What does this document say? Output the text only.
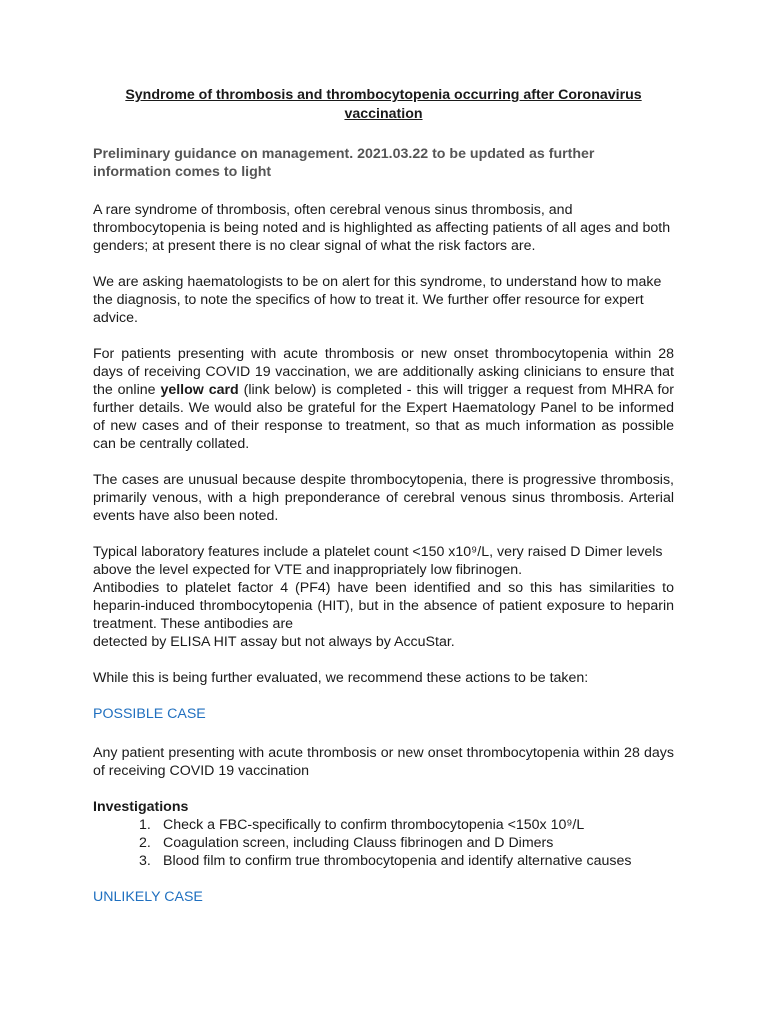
Syndrome of thrombosis and thrombocytopenia occurring after Coronavirus vaccination
Preliminary guidance on management. 2021.03.22 to be updated as further information comes to light

A rare syndrome of thrombosis, often cerebral venous sinus thrombosis, and thrombocytopenia is being noted and is highlighted as affecting patients of all ages and both genders; at present there is no clear signal of what the risk factors are.

We are asking haematologists to be on alert for this syndrome, to understand how to make the diagnosis, to note the specifics of how to treat it. We further offer resource for expert advice.

For patients presenting with acute thrombosis or new onset thrombocytopenia within 28 days of receiving COVID 19 vaccination, we are additionally asking clinicians to ensure that the online yellow card (link below) is completed - this will trigger a request from MHRA for further details. We would also be grateful for the Expert Haematology Panel to be informed of new cases and of their response to treatment, so that as much information as possible can be centrally collated.

The cases are unusual because despite thrombocytopenia, there is progressive thrombosis, primarily venous, with a high preponderance of cerebral venous sinus thrombosis. Arterial events have also been noted.

Typical laboratory features include a platelet count <150 x10⁹/L, very raised D Dimer levels above the level expected for VTE and inappropriately low fibrinogen.

Antibodies to platelet factor 4 (PF4) have been identified and so this has similarities to heparin-induced thrombocytopenia (HIT), but in the absence of patient exposure to heparin treatment. These antibodies are

detected by ELISA HIT assay but not always by AccuStar.

While this is being further evaluated, we recommend these actions to be taken:

POSSIBLE CASE

Any patient presenting with acute thrombosis or new onset thrombocytopenia within 28 days of receiving COVID 19 vaccination

Investigations
1. Check a FBC-specifically to confirm thrombocytopenia <150x 10⁹/L
2. Coagulation screen, including Clauss fibrinogen and D Dimers
3. Blood film to confirm true thrombocytopenia and identify alternative causes
UNLIKELY CASE
